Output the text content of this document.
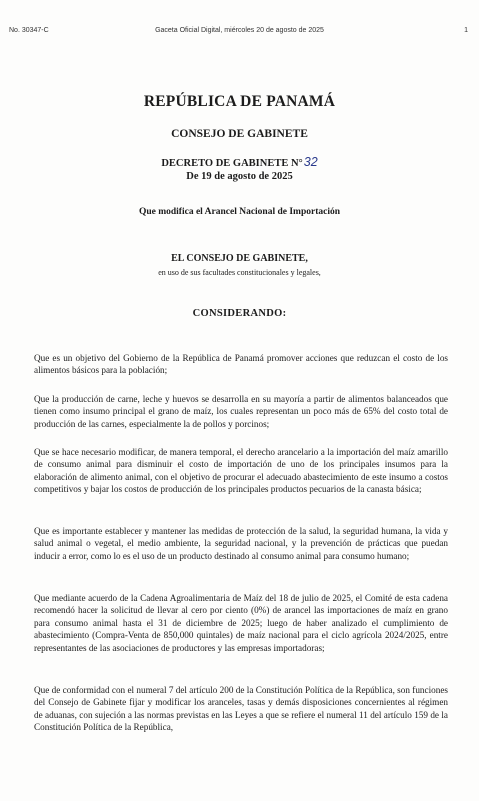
No. 30347-C	Gaceta Oficial Digital, miércoles 20 de agosto de 2025	1
REPÚBLICA DE PANAMÁ
CONSEJO DE GABINETE
DECRETO DE GABINETE N°32
De 19 de agosto de 2025
Que modifica el Arancel Nacional de Importación
EL CONSEJO DE GABINETE,
en uso de sus facultades constitucionales y legales,
CONSIDERANDO:

Que es un objetivo del Gobierno de la República de Panamá promover acciones que reduzcan el costo de los alimentos básicos para la población;

Que la producción de carne, leche y huevos se desarrolla en su mayoría a partir de alimentos balanceados que tienen como insumo principal el grano de maíz, los cuales representan un poco más de 65% del costo total de producción de las carnes, especialmente la de pollos y porcinos;

Que se hace necesario modificar, de manera temporal, el derecho arancelario a la importación del maíz amarillo de consumo animal para disminuir el costo de importación de uno de los principales insumos para la elaboración de alimento animal, con el objetivo de procurar el adecuado abastecimiento de este insumo a costos competitivos y bajar los costos de producción de los principales productos pecuarios de la canasta básica;

Que es importante establecer y mantener las medidas de protección de la salud, la seguridad humana, la vida y salud animal o vegetal, el medio ambiente, la seguridad nacional, y la prevención de prácticas que puedan inducir a error, como lo es el uso de un producto destinado al consumo animal para consumo humano;

Que mediante acuerdo de la Cadena Agroalimentaria de Maíz del 18 de julio de 2025, el Comité de esta cadena recomendó hacer la solicitud de llevar al cero por ciento (0%) de arancel las importaciones de maíz en grano para consumo animal hasta el 31 de diciembre de 2025; luego de haber analizado el cumplimiento de abastecimiento (Compra-Venta de 850,000 quintales) de maíz nacional para el ciclo agrícola 2024/2025, entre representantes de las asociaciones de productores y las empresas importadoras;

Que de conformidad con el numeral 7 del artículo 200 de la Constitución Política de la República, son funciones del Consejo de Gabinete fijar y modificar los aranceles, tasas y demás disposiciones concernientes al régimen de aduanas, con sujeción a las normas previstas en las Leyes a que se refiere el numeral 11 del artículo 159 de la Constitución Política de la República,
